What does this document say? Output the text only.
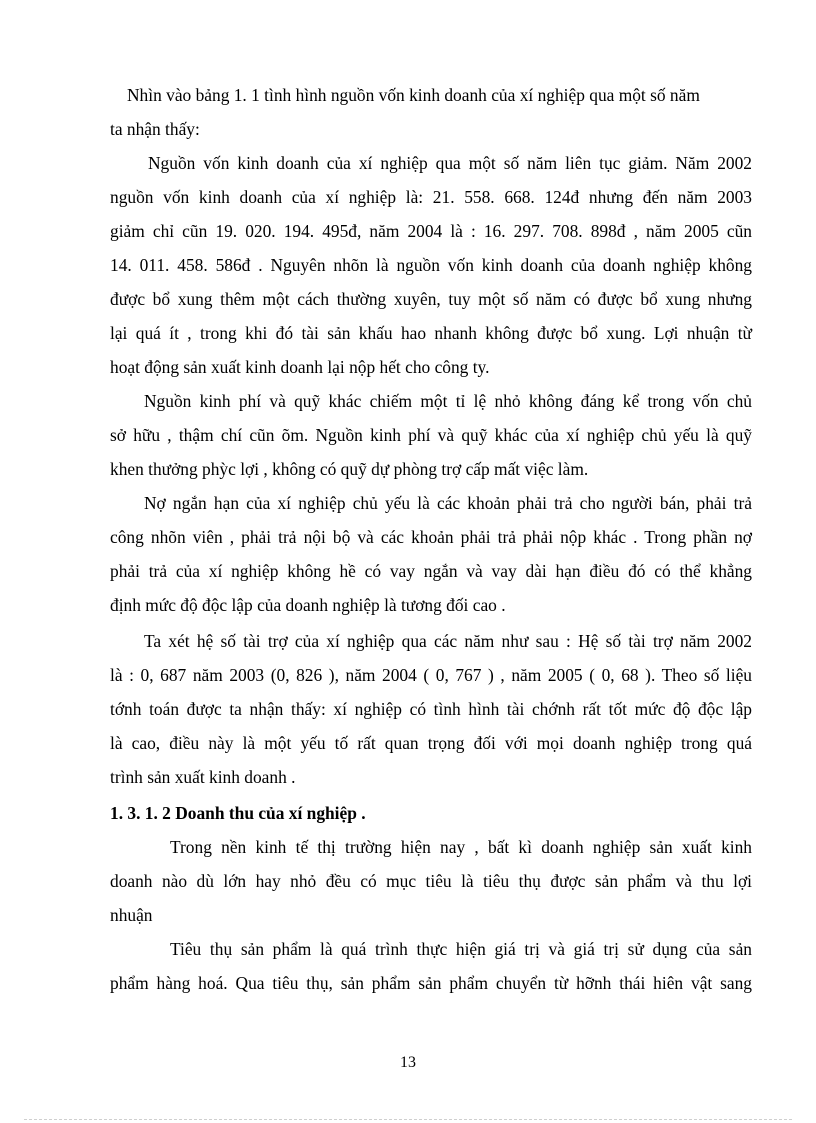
Nhìn vào bảng 1. 1 tình hình nguồn vốn kinh doanh của xí nghiệp qua một số năm
ta nhận thấy:
Nguồn vốn kinh doanh của xí nghiệp qua một số năm liên tục giảm. Năm 2002
nguồn vốn kinh doanh của xí nghiệp là: 21. 558. 668. 124đ nhưng đến năm 2003
giảm chỉ cũn 19. 020. 194. 495đ, năm 2004 là : 16. 297. 708. 898đ , năm 2005 cũn
14. 011. 458. 586đ . Nguyên nhõn là nguồn vốn kinh doanh của doanh nghiệp không
được bổ xung thêm một cách thường xuyên, tuy một số năm có được bổ xung nhưng
lại quá ít , trong khi đó tài sản khấu hao nhanh không được bổ xung. Lợi nhuận từ
hoạt động sản xuất kinh doanh lại nộp hết cho công ty.
Nguồn kinh phí và quỹ khác chiếm một tỉ lệ nhỏ không đáng kể trong vốn chủ
sở hữu , thậm chí cũn õm. Nguồn kinh phí và quỹ khác của xí nghiệp chủ yếu là quỹ
khen thưởng phỳc lợi , không có quỹ dự phòng trợ cấp mất việc làm.
Nợ ngắn hạn của xí nghiệp chủ yếu là các khoản phải trả cho người bán, phải trả
công nhõn viên , phải trả nội bộ và các khoản phải trả phải nộp khác . Trong phần nợ
phải trả của xí nghiệp không hề có vay ngắn và vay dài hạn điều đó có thể khẳng
định mức độ độc lập của doanh nghiệp là tương đối cao .
Ta xét hệ số tài trợ của xí nghiệp qua các năm như sau : Hệ số tài trợ năm 2002
là : 0, 687 năm 2003 (0, 826 ), năm 2004 ( 0, 767 ) , năm 2005 ( 0, 68 ). Theo số liệu
tớnh toán được ta nhận thấy: xí nghiệp có tình hình tài chớnh rất tốt mức độ độc lập
là cao, điều này là một yếu tố rất quan trọng đối với mọi doanh nghiệp trong quá
trình sản xuất kinh doanh .
1. 3. 1. 2 Doanh thu của xí nghiệp .
Trong nền kinh tế thị trường hiện nay , bất kì doanh nghiệp sản xuất kinh
doanh nào dù lớn hay nhỏ đều có mục tiêu là tiêu thụ được sản phẩm và thu lợi
nhuận
Tiêu thụ sản phẩm là quá trình thực hiện giá trị và giá trị sử dụng của sản
phẩm hàng hoá. Qua tiêu thụ, sản phẩm sản phẩm chuyển từ hỡnh thái hiên vật sang
13
